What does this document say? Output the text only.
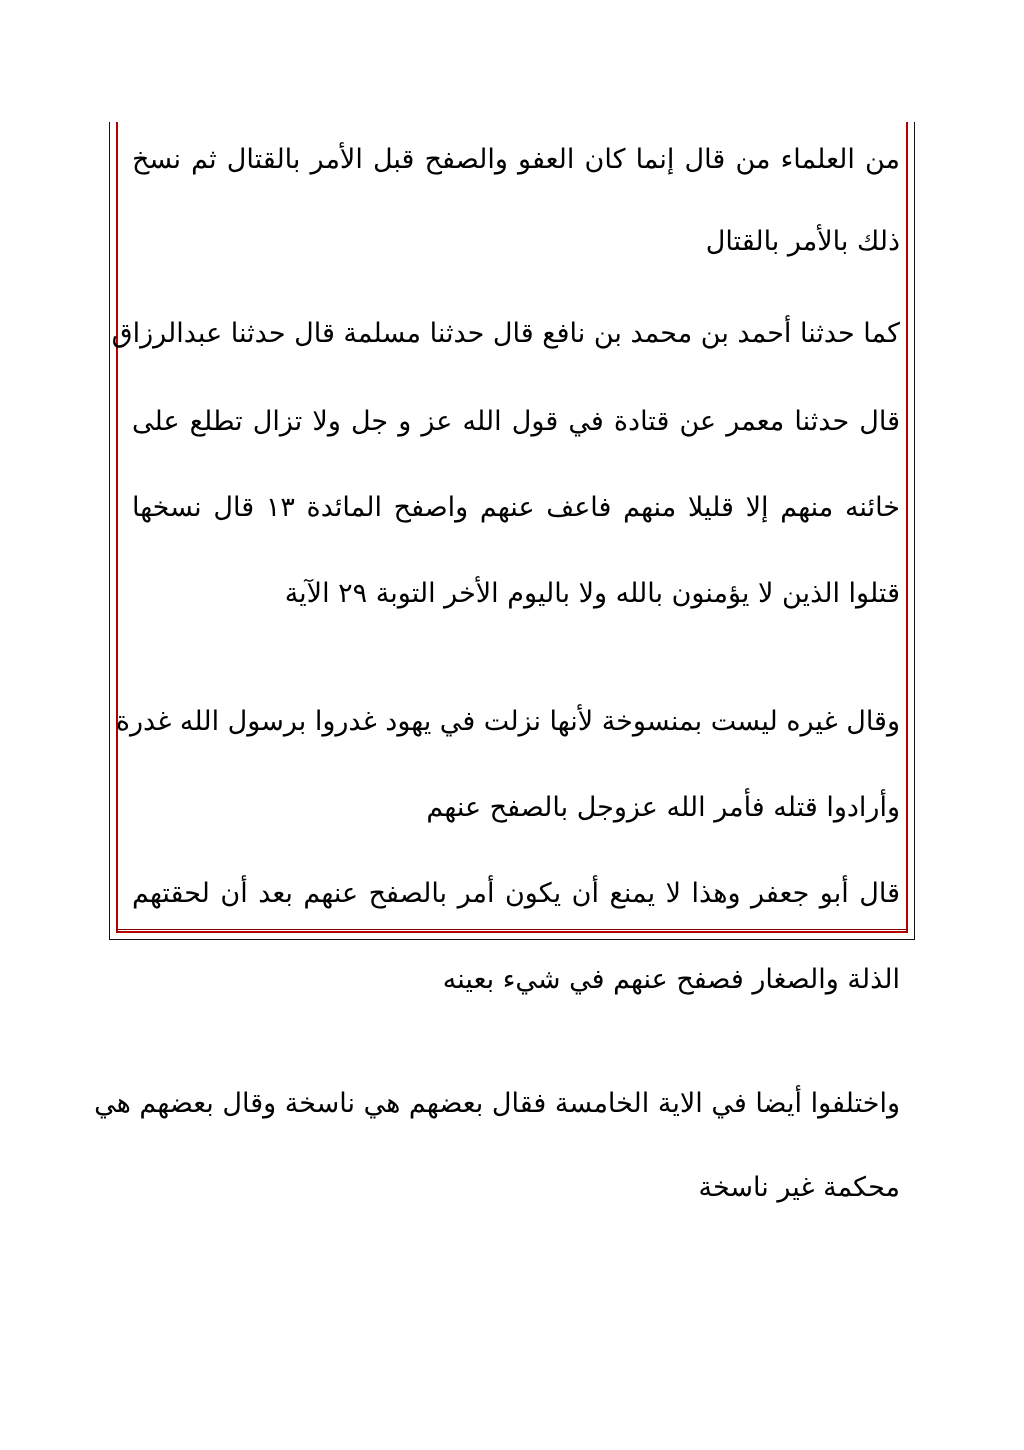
من العلماء من قال إنما كان العفو والصفح قبل الأمر بالقتال ثم نسخ
ذلك بالأمر بالقتال
كما حدثنا أحمد بن محمد بن نافع قال حدثنا مسلمة قال حدثنا عبدالرزاق
قال حدثنا معمر عن قتادة في قول الله عز و جل ولا تزال تطلع على
خائنه منهم إلا قليلا منهم فاعف عنهم واصفح المائدة ١٣ قال نسخها
قتلوا الذين لا يؤمنون بالله ولا باليوم الأخر التوبة ٢٩ الآية
وقال غيره ليست بمنسوخة لأنها نزلت في يهود غدروا برسول الله غدرة
وأرادوا قتله فأمر الله عزوجل بالصفح عنهم
قال أبو جعفر وهذا لا يمنع أن يكون أمر بالصفح عنهم بعد أن لحقتهم
الذلة والصغار فصفح عنهم في شيء بعينه
واختلفوا أيضا في الاية الخامسة فقال بعضهم هي ناسخة وقال بعضهم هي
محكمة غير ناسخة
